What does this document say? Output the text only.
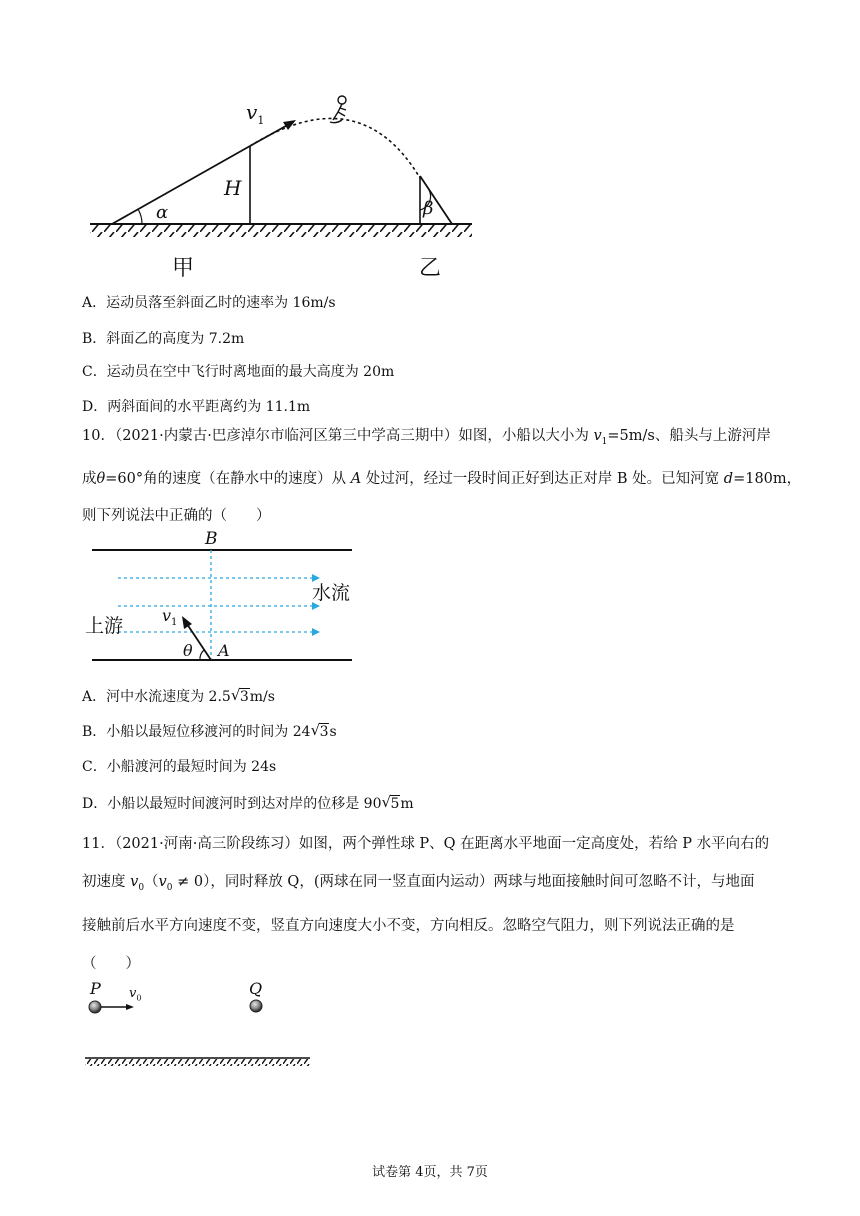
$v_1$
H
α	β
甲	乙
A．运动员落至斜面乙时的速率为 16m/s
B．斜面乙的高度为 7.2m
C．运动员在空中飞行时离地面的最大高度为 20m
D．两斜面间的水平距离约为 11.1m
10．（2021·内蒙古·巴彦淖尔市临河区第三中学高三期中）如图，小船以大小为 $v_1=5m/s$、船头与上游河岸
成θ=60°角的速度（在静水中的速度）从 A 处过河，经过一段时间正好到达正对岸 B 处。已知河宽 d=180m，
则下列说法中正确的（　　）
B
水流
上游 $v_1$
θ A
A．河中水流速度为 2.5 √ 3m/s
B．小船以最短位移渡河的时间为 24 √ 3s
C．小船渡河的最短时间为 24s
D．小船以最短时间渡河时到达对岸的位移是 90 √ 5m
11．（2021·河南·高三阶段练习）如图，两个弹性球 P、Q 在距离水平地面一定高度处，若给 P 水平向右的
初速度 $v_0(v_0 \ne 0)$，同时释放 Q，(两球在同一竖直面内运动）两球与地面接触时间可忽略不计，与地面
接触前后水平方向速度不变，竖直方向速度大小不变，方向相反。忽略空气阻力，则下列说法正确的是
（　　）
P $v_0$
Q
试卷第 4页，共 7页
